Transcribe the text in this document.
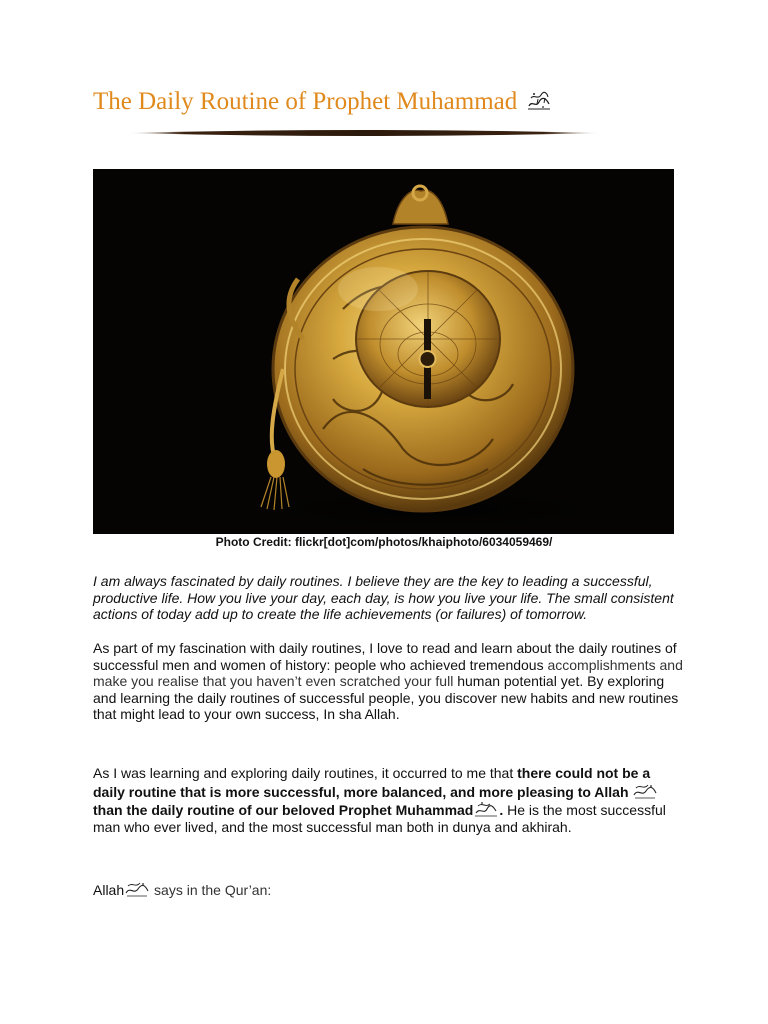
The Daily Routine of Prophet Muhammad

Photo Credit: flickr[dot]com/photos/khaiphoto/6034059469/

I am always fascinated by daily routines. I believe they are the key to leading a successful, productive life. How you live your day, each day, is how you live your life. The small consistent actions of today add up to create the life achievements (or failures) of tomorrow.

As part of my fascination with daily routines, I love to read and learn about the daily routines of successful men and women of history: people who achieved tremendous accomplishments and make you realise that you haven’t even scratched your full human potential yet. By exploring and learning the daily routines of successful people, you discover new habits and new routines that might lead to your own success, In sha Allah.

As I was learning and exploring daily routines, it occurred to me that there could not be a daily routine that is more successful, more balanced, and more pleasing to Allah  than the daily routine of our beloved Prophet Muhammad . He is the most successful man who ever lived, and the most successful man both in dunya and akhirah.

Allah says in the Qur’an:
